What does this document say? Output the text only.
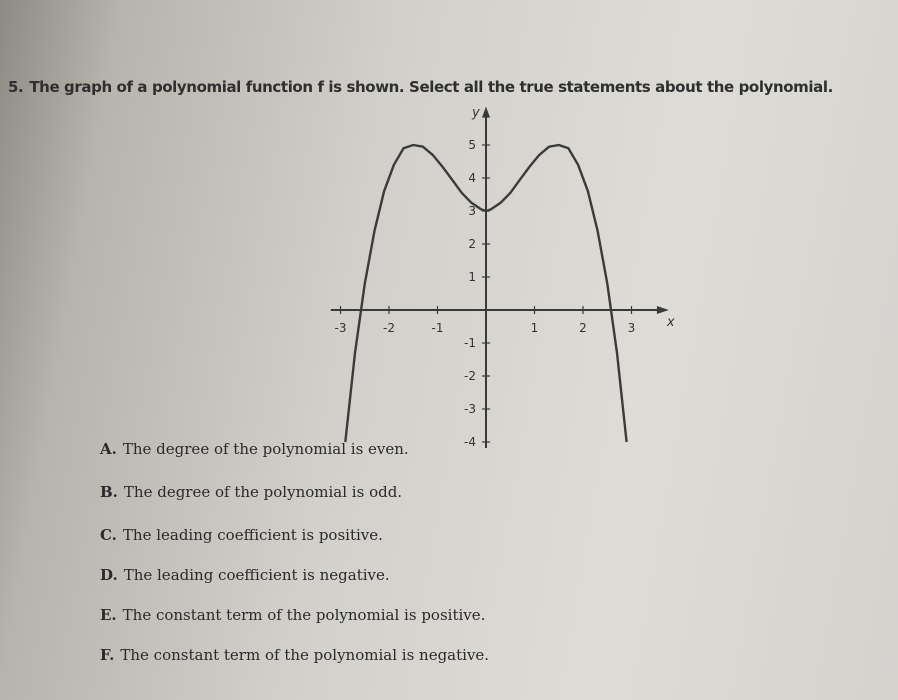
5. The graph of a polynomial function f is shown. Select all the true statements about the polynomial.
x
y
-3	-2	-1	1	2	3
-4
-3
-2
-1
1
2
3
4
5
A. The degree of the polynomial is even.
B. The degree of the polynomial is odd.
C. The leading coefficient is positive.
D. The leading coefficient is negative.
E. The constant term of the polynomial is positive.
F. The constant term of the polynomial is negative.
